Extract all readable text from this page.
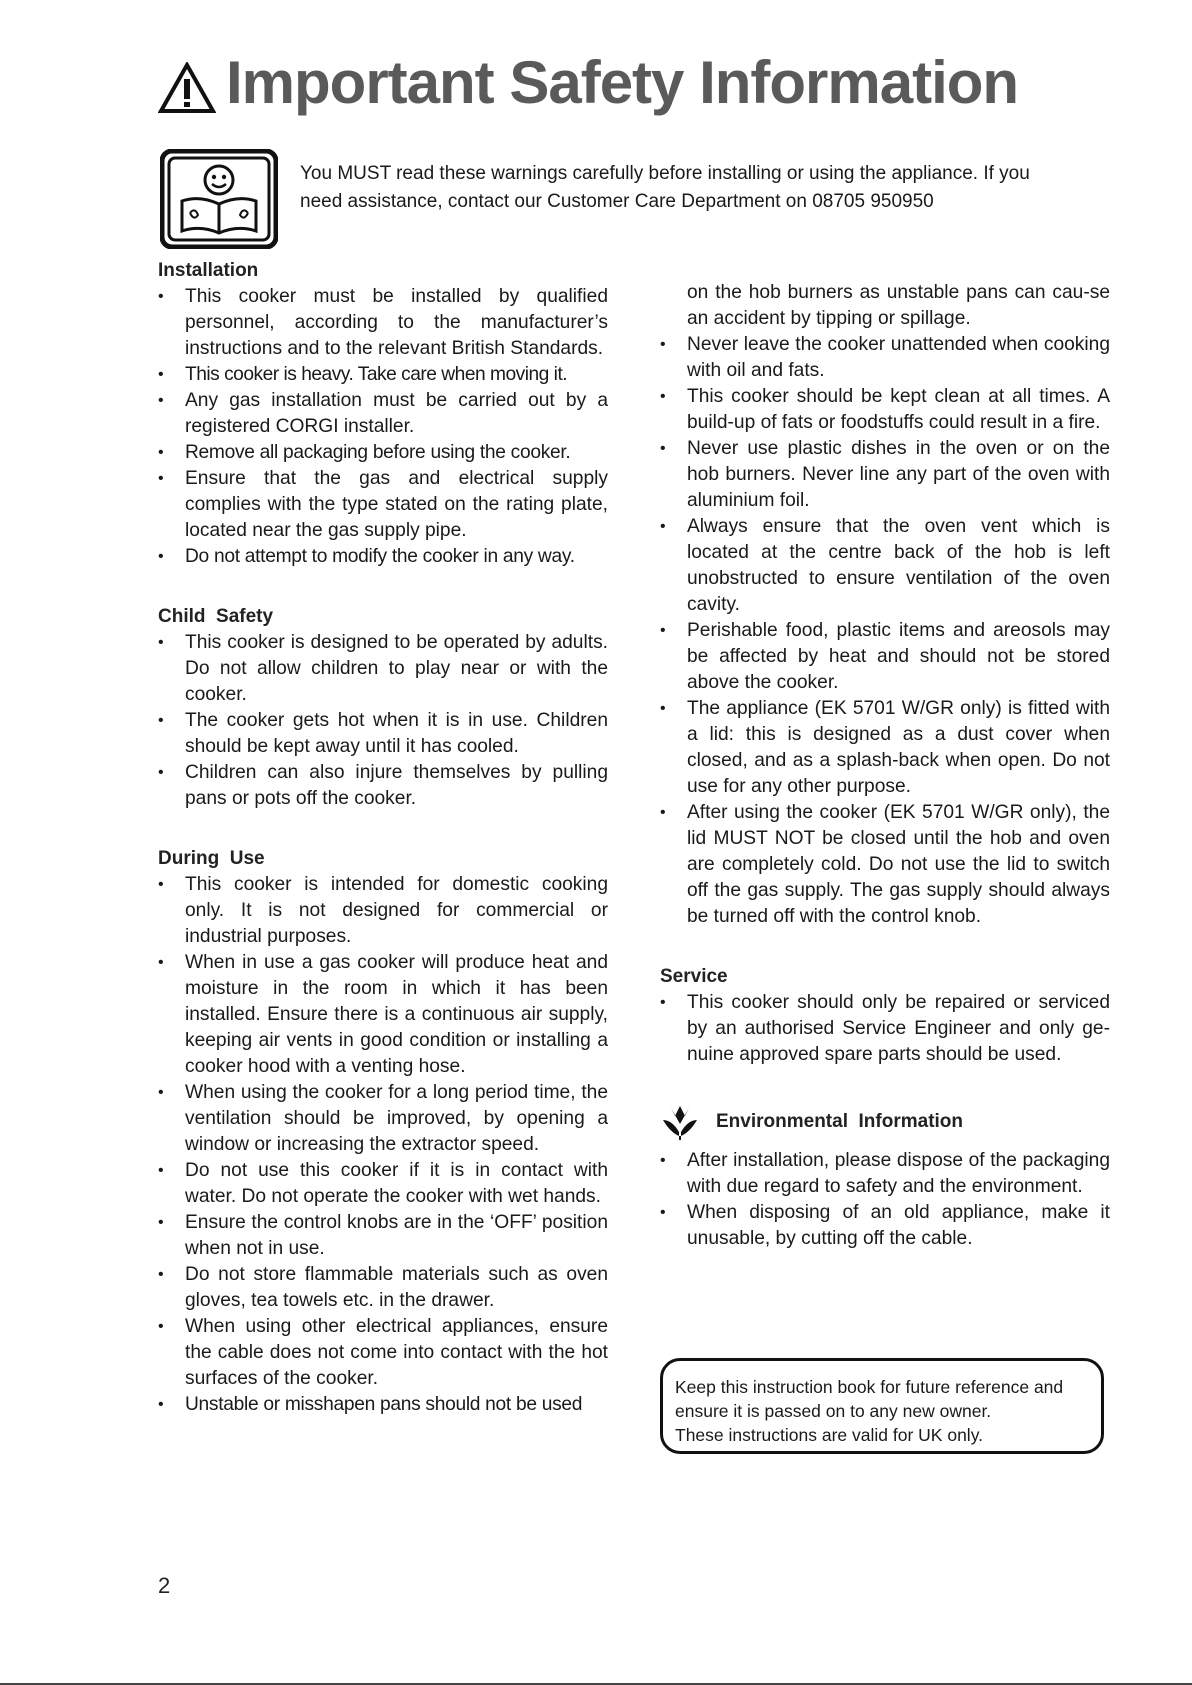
Important Safety Information
You MUST read these warnings carefully before installing or using the appliance. If you
need assistance, contact our Customer Care Department on 08705 950950
Installation
• This cooker must be installed by qualified personnel, according to the manufacturer’s instructions and to the relevant British Standards.
• This cooker is heavy. Take care when moving it.
• Any gas installation must be carried out by a registered CORGI installer.
• Remove all packaging before using the cooker.
• Ensure that the gas and electrical supply complies with the type stated on the rating plate, located near the gas supply pipe.
• Do not attempt to modify the cooker in any way.
Child  Safety
• This cooker is designed to be operated by adults. Do not allow children to play near or with the cooker.
• The cooker gets hot when it is in use. Children should be kept away until it has cooled.
• Children can also injure themselves by pulling pans or pots off the cooker.
During  Use
• This cooker is intended for domestic cooking only. It is not designed for commercial or industrial purposes.
• When in use a gas cooker will produce heat and moisture in the room in which it has been installed. Ensure there is a continuous air supply, keeping air vents in good condition or installing a cooker hood with a venting hose.
• When using the cooker for a long period time, the ventilation should be improved, by opening a window or increasing the extractor speed.
• Do not use this cooker if it is in contact with water. Do not operate the cooker with wet hands.
• Ensure the control knobs are in the ‘OFF’ position when not in use.
• Do not store flammable materials such as oven gloves, tea towels etc. in the drawer.
• When using other electrical appliances, ensure the cable does not come into contact with the hot surfaces of the cooker.
• Unstable or misshapen pans should not be used
on the hob burners as unstable pans can cau-se an accident by tipping or spillage.
• Never leave the cooker unattended when cooking with oil and fats.
• This cooker should be kept clean at all times. A build-up of fats or foodstuffs could result in a fire.
• Never use plastic dishes in the oven or on the hob burners. Never line any part of the oven with aluminium foil.
• Always ensure that the oven vent which is located at the centre back of the hob is left unobstructed to ensure ventilation of the oven cavity.
• Perishable food, plastic items and areosols may be affected by heat and should not be stored above the cooker.
• The appliance (EK 5701 W/GR only) is fitted with a lid: this is designed as a dust cover when closed, and as a splash-back when open. Do not use for any other purpose.
• After using the cooker (EK 5701 W/GR only), the lid MUST NOT be closed until the hob and oven are completely cold. Do not use the lid to switch off the gas supply. The gas supply should always be turned off with the control knob.
Service
• This cooker should only be repaired or serviced by an authorised Service Engineer and only ge-nuine approved spare parts should be used.
Environmental  Information
• After installation, please dispose of the packaging with due regard to safety and the environment.
• When disposing of an old appliance, make it unusable, by cutting off the cable.
Keep this instruction book for future reference and
ensure it is passed on to any new owner.
These instructions are valid for UK only.
2
